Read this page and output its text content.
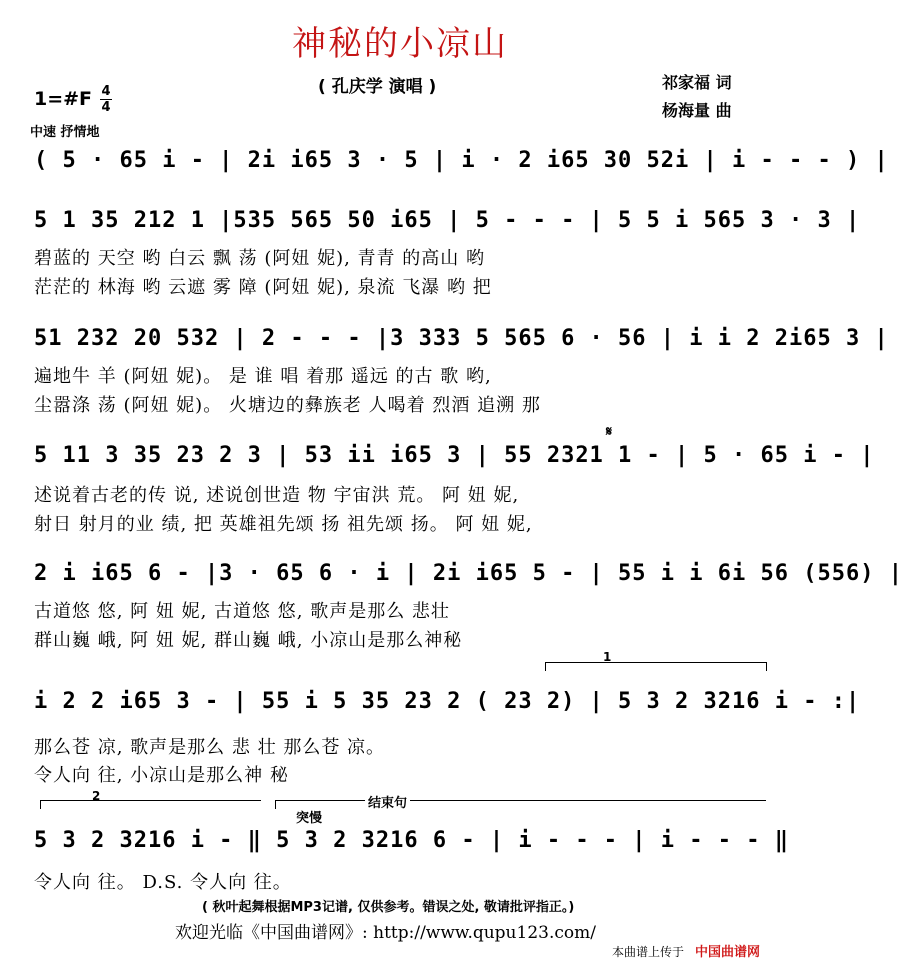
神秘的小凉山
( 孔庆学 演唱 )	祁家福 词
杨海量 曲
1=#F 4
4
中速 抒情地
( 5 · 65 i - | 2i i65 3 · 5 | i · 2 i65 30 52i | i - - - ) |
5 1 35 212 1 |535 565 50 i65 | 5 - - - | 5 5 i 565 3 · 3 |
碧蓝的 天空 哟 白云 飘 荡 (阿妞 妮), 青青 的高山 哟
茫茫的 林海 哟 云遮 雾 障 (阿妞 妮), 泉流 飞瀑 哟 把
51 232 20 532 | 2 - - - |3 333 5 565 6 · 56 | i i 2 2i65 3 |
遍地牛 羊 (阿妞 妮)。 是 谁 唱 着那 遥远 的古 歌 哟,
尘嚣涤 荡 (阿妞 妮)。 火塘边的彝族老 人喝着 烈酒 追溯 那
𝄋
5 11 3 35 23 2 3 | 53 ii i65 3 | 55 2321 1 - | 5 · 65 i - |
述说着古老的传 说, 述说创世造 物 宇宙洪 荒。 阿 妞 妮,
射日 射月的业 绩, 把 英雄祖先颂 扬 祖先颂 扬。 阿 妞 妮,
2 i i65 6 - |3 · 65 6 · i | 2i i65 5 - | 55 i i 6i 56 (556) |
古道悠 悠, 阿 妞 妮, 古道悠 悠, 歌声是那么 悲壮
群山巍 峨, 阿 妞 妮, 群山巍 峨, 小凉山是那么神秘
1
i 2 2 i65 3 - | 55 i 5 35 23 2 ( 23 2) | 5 3 2 3216 i - :|
那么苍 凉, 歌声是那么 悲 壮 那么苍 凉。
令人向 往, 小凉山是那么神 秘
2	结束句
突慢
5 3 2 3216 i - ‖ 5 3 2 3216 6 - | i - - - | i - - - ‖
令人向 往。 D.S. 令人向 往。
( 秋叶起舞根据MP3记谱, 仅供参考。错误之处, 敬请批评指正。)
欢迎光临《中国曲谱网》: http://www.qupu123.com/
本曲谱上传于 中国曲谱网
